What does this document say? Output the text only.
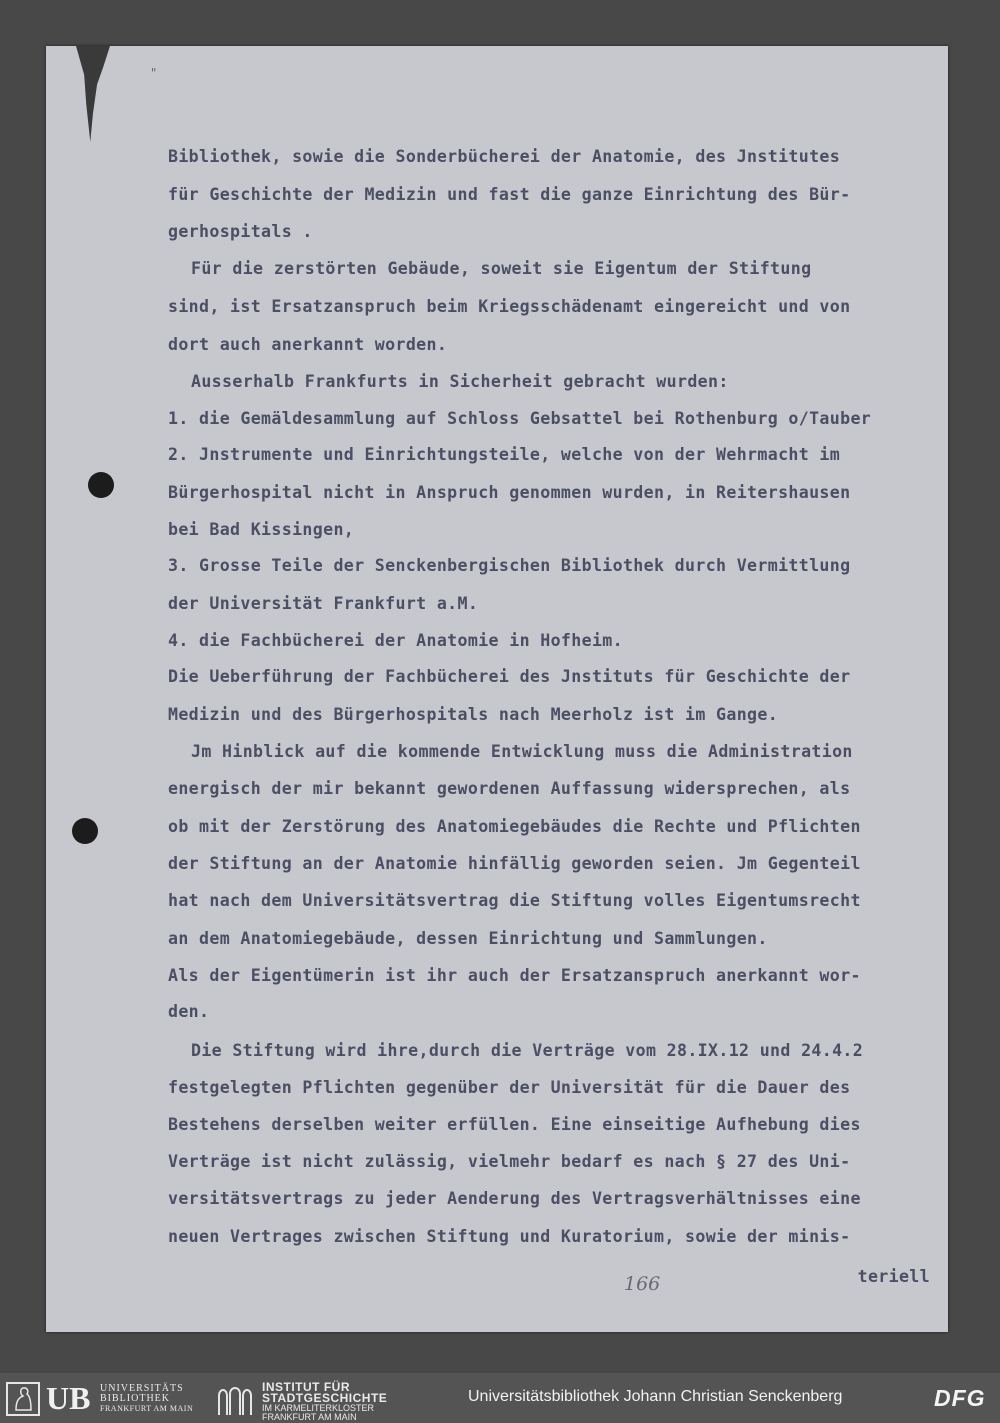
"
Bibliothek, sowie die Sonderbücherei der Anatomie, des Jnstitutes
für Geschichte der Medizin und fast die ganze Einrichtung des Bür-
gerhospitals .
Für die zerstörten Gebäude, soweit sie Eigentum der Stiftung
sind, ist Ersatzanspruch beim Kriegsschädenamt eingereicht und von
dort auch anerkannt worden.
Ausserhalb Frankfurts in Sicherheit gebracht wurden:
1. die Gemäldesammlung auf Schloss Gebsattel bei Rothenburg o/Tauber
2. Jnstrumente und Einrichtungsteile, welche von der Wehrmacht im
Bürgerhospital nicht in Anspruch genommen wurden, in Reitershausen
bei Bad Kissingen,
3. Grosse Teile der Senckenbergischen Bibliothek durch Vermittlung
der Universität Frankfurt a.M.
4. die Fachbücherei der Anatomie in Hofheim.
Die Ueberführung der Fachbücherei des Jnstituts für Geschichte der
Medizin und des Bürgerhospitals nach Meerholz ist im Gange.
Jm Hinblick auf die kommende Entwicklung muss die Administration
energisch der mir bekannt gewordenen Auffassung widersprechen, als
ob mit der Zerstörung des Anatomiegebäudes die Rechte und Pflichten
der Stiftung an der Anatomie hinfällig geworden seien. Jm Gegenteil
hat nach dem Universitätsvertrag die Stiftung volles Eigentumsrecht
an dem Anatomiegebäude, dessen Einrichtung und Sammlungen.
Als der Eigentümerin ist ihr auch der Ersatzanspruch anerkannt wor-
den.
Die Stiftung wird ihre,durch die Verträge vom 28.IX.12 und 24.4.2
festgelegten Pflichten gegenüber der Universität für die Dauer des
Bestehens derselben weiter erfüllen. Eine einseitige Aufhebung dies
Verträge ist nicht zulässig, vielmehr bedarf es nach § 27 des Uni-
versitätsvertrags zu jeder Aenderung des Vertragsverhältnisses eine
neuen Vertrages zwischen Stiftung und Kuratorium, sowie der minis-
teriell
166
UB UNIVERSITÄTS
BIBLIOTHEK
FRANKFURT AM MAIN
INSTITUT FÜR
STADTGESCHICHTE
IM KARMELITERKLOSTER
FRANKFURT AM MAIN
Universitätsbibliothek Johann Christian Senckenberg	DFG
